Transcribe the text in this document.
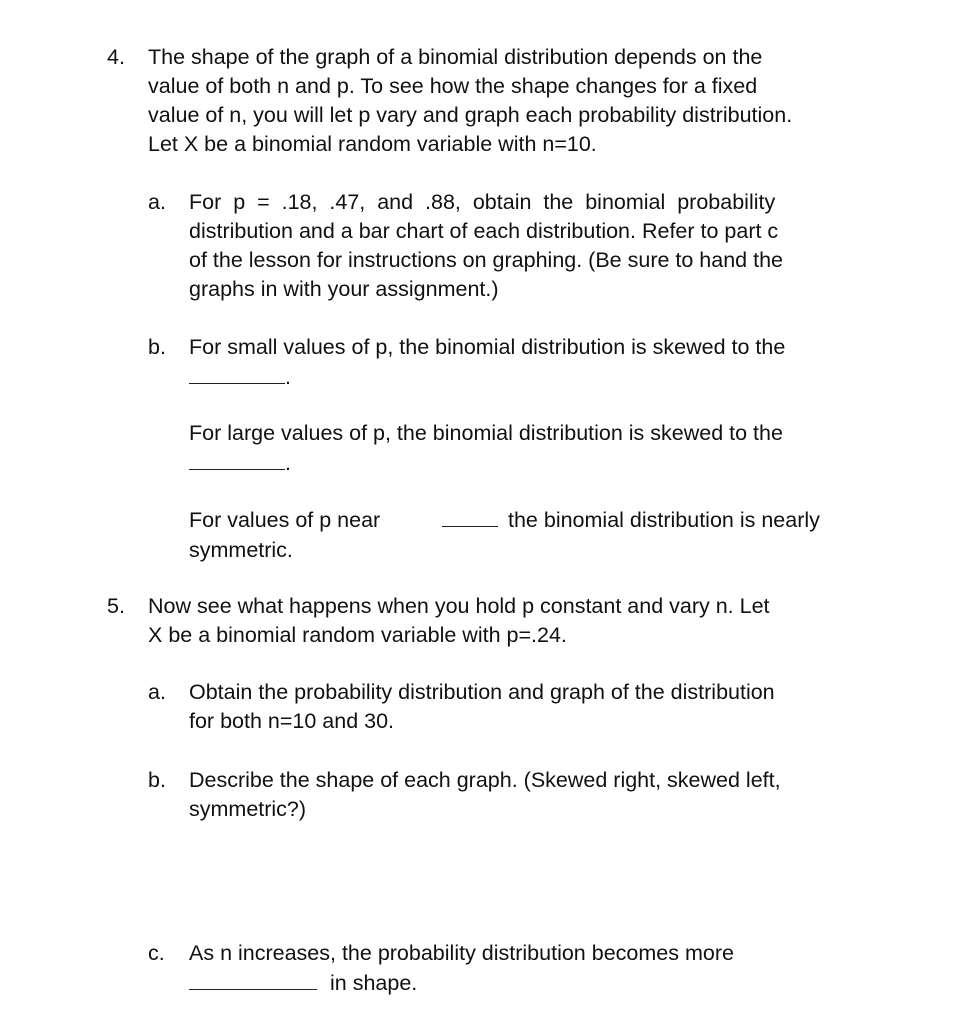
4. The shape of the graph of a binomial distribution depends on the
value of both n and p. To see how the shape changes for a fixed
value of n, you will let p vary and graph each probability distribution.
Let X be a binomial random variable with n=10.
a. For  p  =  .18,  .47,  and  .88,  obtain  the  binomial  probability
distribution and a bar chart of each distribution. Refer to part c
of the lesson for instructions on graphing. (Be sure to hand the
graphs in with your assignment.)
b. For small values of p, the binomial distribution is skewed to the
.
For large values of p, the binomial distribution is skewed to the
.
For values of p near	the binomial distribution is nearly
symmetric.
5. Now see what happens when you hold p constant and vary n. Let
X be a binomial random variable with p=.24.
a. Obtain the probability distribution and graph of the distribution
for both n=10 and 30.
b. Describe the shape of each graph. (Skewed right, skewed left,
symmetric?)
c. As n increases, the probability distribution becomes more
in shape.
